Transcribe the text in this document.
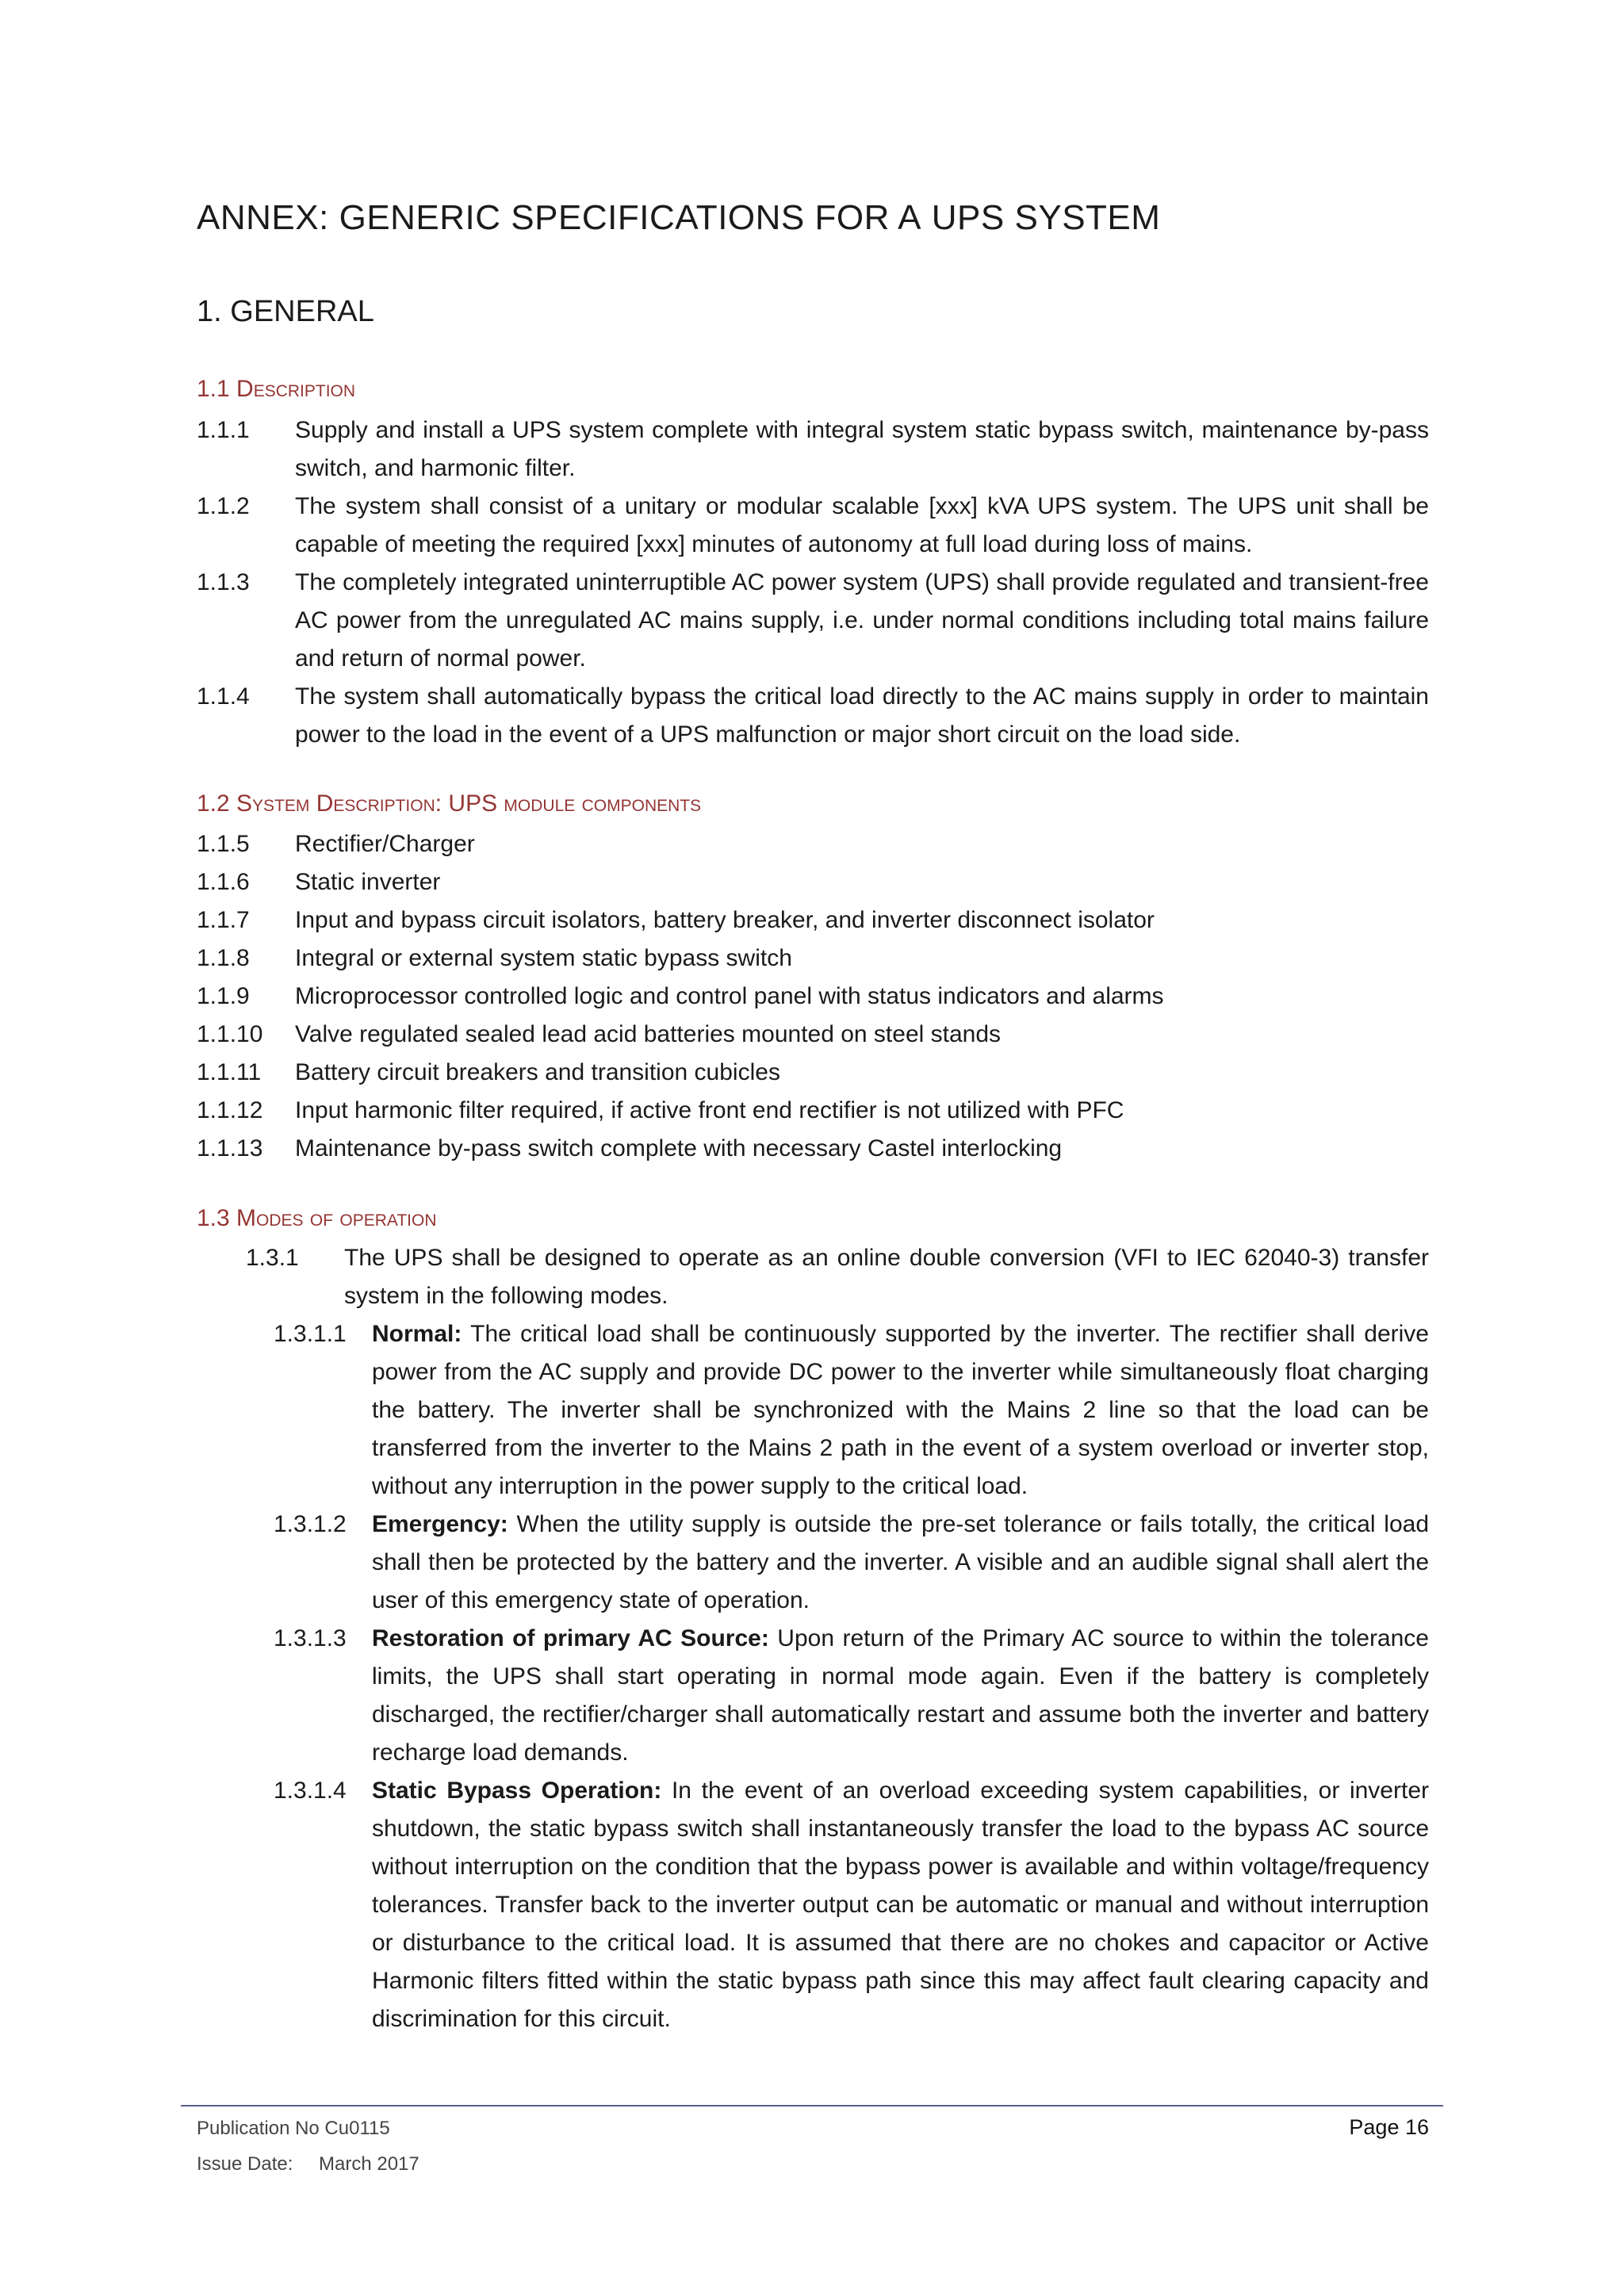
ANNEX: GENERIC SPECIFICATIONS FOR A UPS SYSTEM
1. GENERAL
1.1 Description
1.1.1 Supply and install a UPS system complete with integral system static bypass switch, maintenance by-pass switch, and harmonic filter.
1.1.2 The system shall consist of a unitary or modular scalable [xxx] kVA UPS system. The UPS unit shall be capable of meeting the required [xxx] minutes of autonomy at full load during loss of mains.
1.1.3 The completely integrated uninterruptible AC power system (UPS) shall provide regulated and transient-free AC power from the unregulated AC mains supply, i.e. under normal conditions including total mains failure and return of normal power.
1.1.4 The system shall automatically bypass the critical load directly to the AC mains supply in order to maintain power to the load in the event of a UPS malfunction or major short circuit on the load side.
1.2 System Description: UPS module components
1.1.5 Rectifier/Charger
1.1.6 Static inverter
1.1.7 Input and bypass circuit isolators, battery breaker, and inverter disconnect isolator
1.1.8 Integral or external system static bypass switch
1.1.9 Microprocessor controlled logic and control panel with status indicators and alarms
1.1.10 Valve regulated sealed lead acid batteries mounted on steel stands
1.1.11 Battery circuit breakers and transition cubicles
1.1.12 Input harmonic filter required, if active front end rectifier is not utilized with PFC
1.1.13 Maintenance by-pass switch complete with necessary Castel interlocking
1.3 Modes of operation
1.3.1 The UPS shall be designed to operate as an online double conversion (VFI to IEC 62040-3) transfer system in the following modes.
1.3.1.1 Normal: The critical load shall be continuously supported by the inverter. The rectifier shall derive power from the AC supply and provide DC power to the inverter while simultaneously float charging the battery. The inverter shall be synchronized with the Mains 2 line so that the load can be transferred from the inverter to the Mains 2 path in the event of a system overload or inverter stop, without any interruption in the power supply to the critical load.
1.3.1.2 Emergency: When the utility supply is outside the pre-set tolerance or fails totally, the critical load shall then be protected by the battery and the inverter. A visible and an audible signal shall alert the user of this emergency state of operation.
1.3.1.3 Restoration of primary AC Source: Upon return of the Primary AC source to within the tolerance limits, the UPS shall start operating in normal mode again. Even if the battery is completely discharged, the rectifier/charger shall automatically restart and assume both the inverter and battery recharge load demands.
1.3.1.4 Static Bypass Operation: In the event of an overload exceeding system capabilities, or inverter shutdown, the static bypass switch shall instantaneously transfer the load to the bypass AC source without interruption on the condition that the bypass power is available and within voltage/frequency tolerances. Transfer back to the inverter output can be automatic or manual and without interruption or disturbance to the critical load. It is assumed that there are no chokes and capacitor or Active Harmonic filters fitted within the static bypass path since this may affect fault clearing capacity and discrimination for this circuit.
Publication No Cu0115	Page 16
Issue Date: March 2017
